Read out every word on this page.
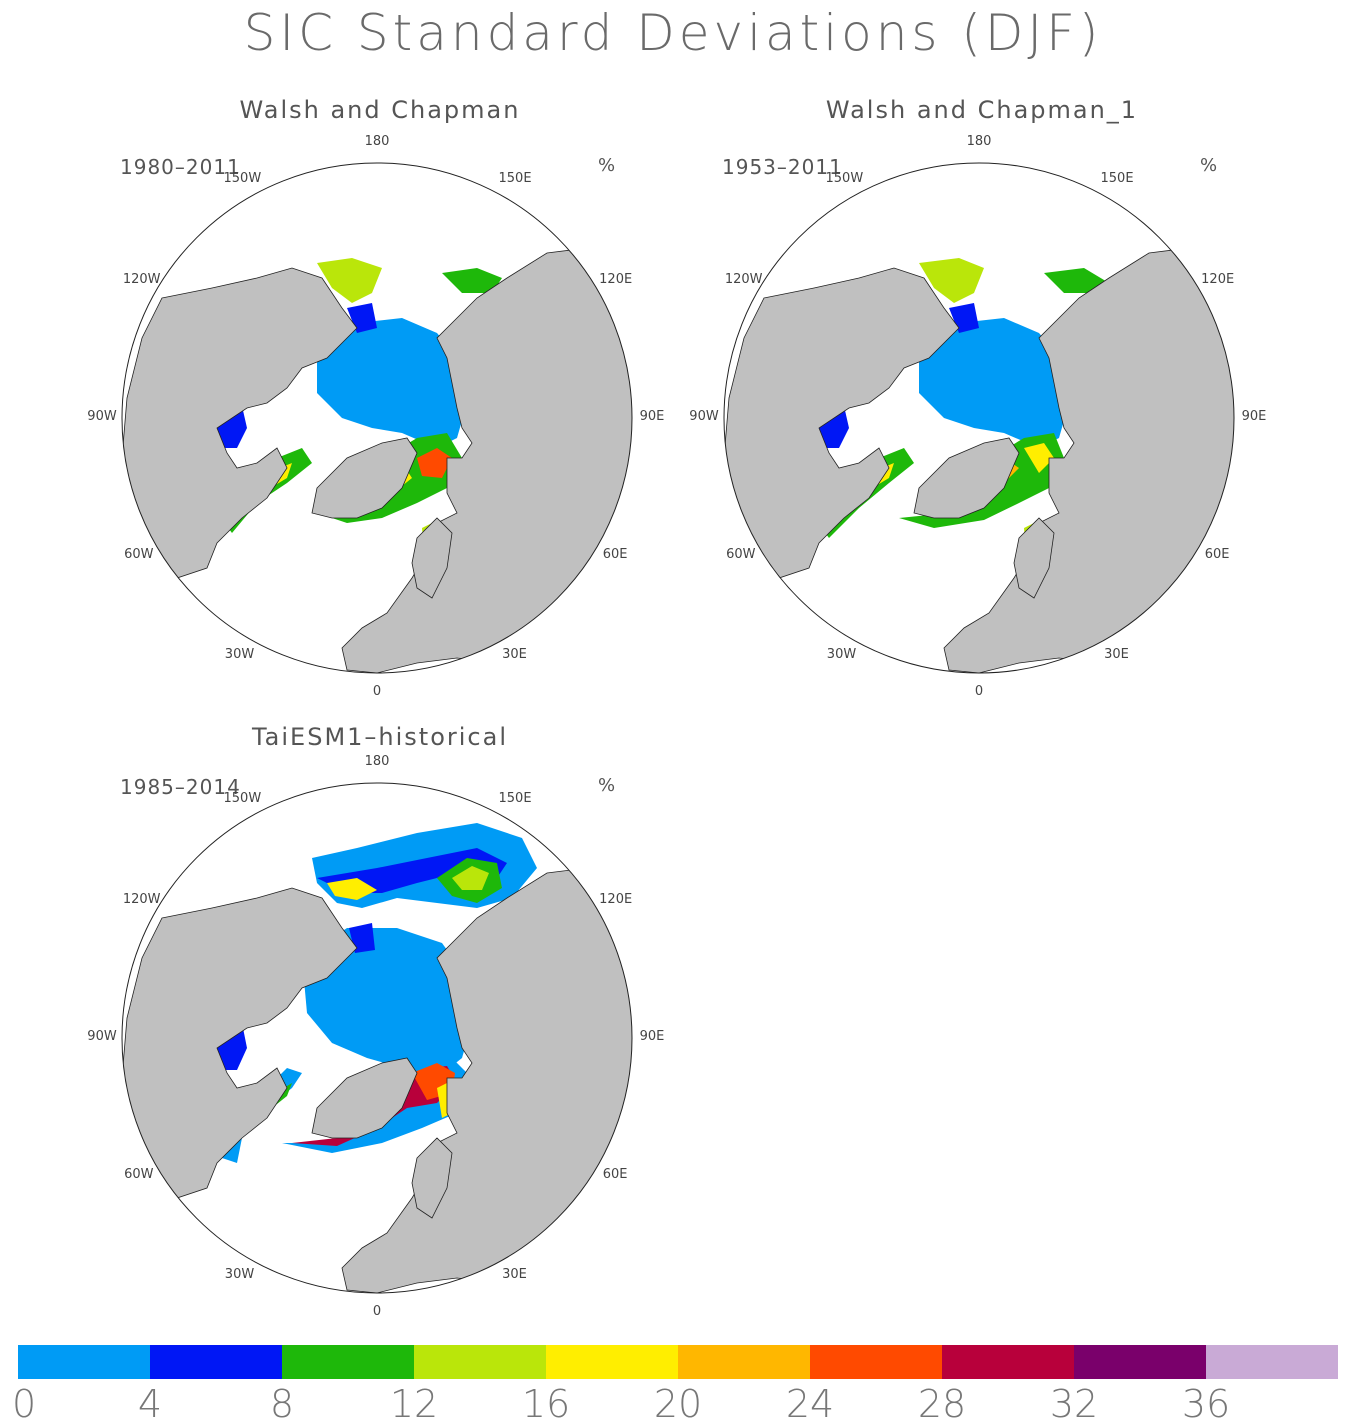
SIC Standard Deviations (DJF)
Walsh and Chapman
1980–2011	%
Walsh and Chapman_1
1953–2011	%
TaiESM1–historical
1985–2014	%
180
150E
120E
90E
60E
30E
0
30W
60W
90W
120W
150W
180
150E
120E
90E
60E
30E
0
30W
60W
90W
120W
150W
180
150E
120E
90E
60E
30E
0
30W
60W
90W
120W
150W
0	4	8	12 16 20 24 28 32 36
